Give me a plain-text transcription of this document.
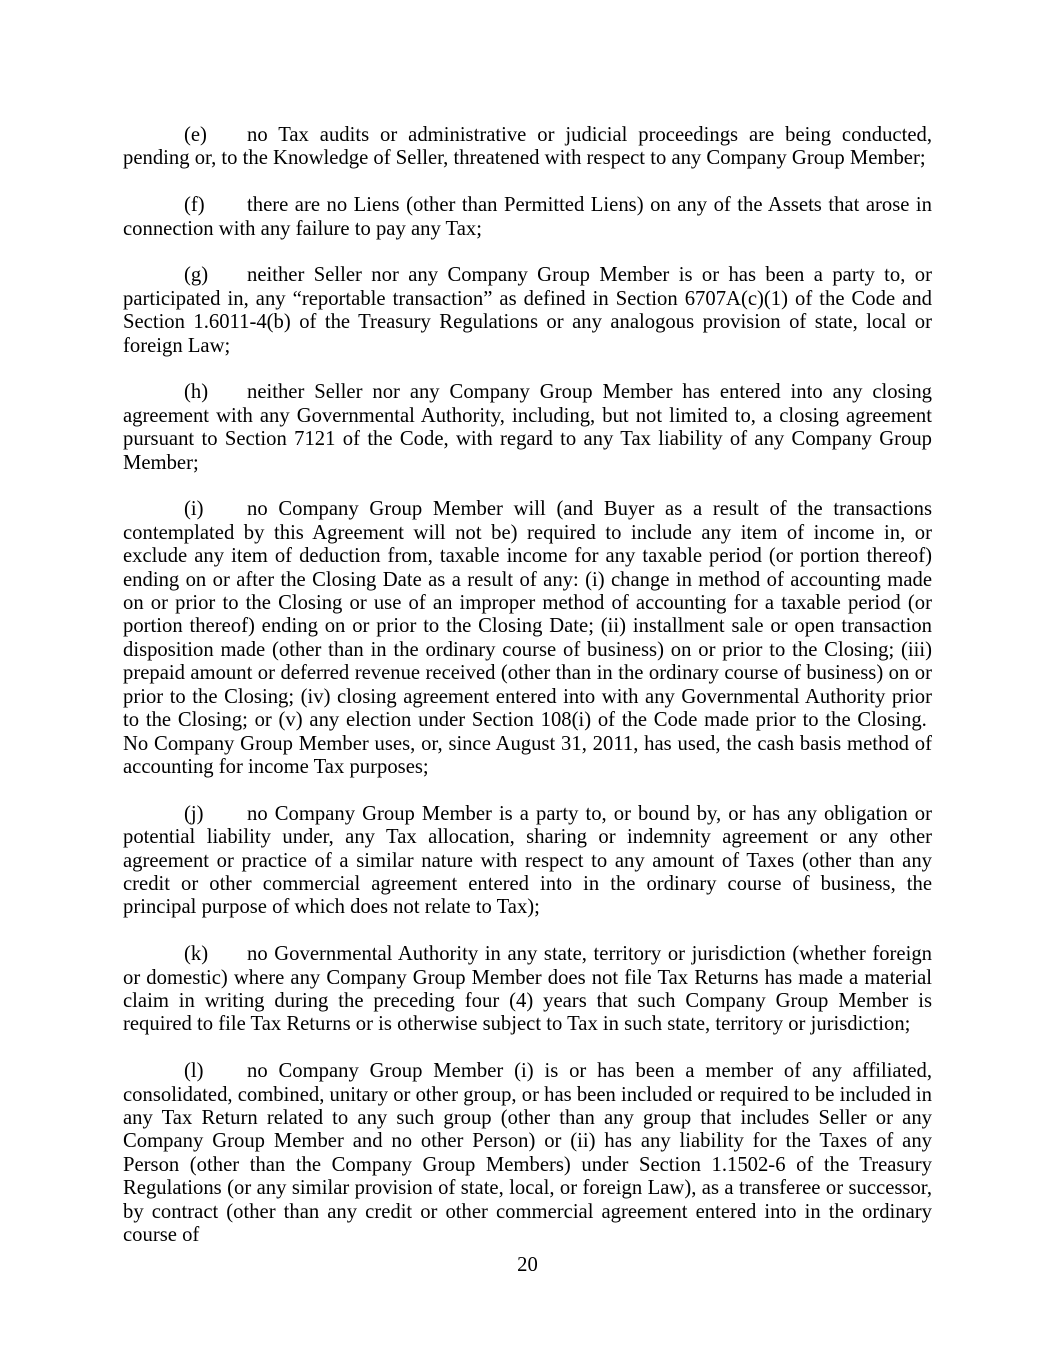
(e) no Tax audits or administrative or judicial proceedings are being conducted, pending or, to the Knowledge of Seller, threatened with respect to any Company Group Member;

(f) there are no Liens (other than Permitted Liens) on any of the Assets that arose in connection with any failure to pay any Tax;

(g) neither Seller nor any Company Group Member is or has been a party to, or participated in, any “reportable transaction” as defined in Section 6707A(c)(1) of the Code and Section 1.6011-4(b) of the Treasury Regulations or any analogous provision of state, local or foreign Law;

(h) neither Seller nor any Company Group Member has entered into any closing agreement with any Governmental Authority, including, but not limited to, a closing agreement pursuant to Section 7121 of the Code, with regard to any Tax liability of any Company Group Member;

(i) no Company Group Member will (and Buyer as a result of the transactions contemplated by this Agreement will not be) required to include any item of income in, or exclude any item of deduction from, taxable income for any taxable period (or portion thereof) ending on or after the Closing Date as a result of any: (i) change in method of accounting made on or prior to the Closing or use of an improper method of accounting for a taxable period (or portion thereof) ending on or prior to the Closing Date; (ii) installment sale or open transaction disposition made (other than in the ordinary course of business) on or prior to the Closing; (iii) prepaid amount or deferred revenue received (other than in the ordinary course of business) on or prior to the Closing; (iv) closing agreement entered into with any Governmental Authority prior to the Closing; or (v) any election under Section 108(i) of the Code made prior to the Closing.  No Company Group Member uses, or, since August 31, 2011, has used, the cash basis method of accounting for income Tax purposes;

(j) no Company Group Member is a party to, or bound by, or has any obligation or potential liability under, any Tax allocation, sharing or indemnity agreement or any other agreement or practice of a similar nature with respect to any amount of Taxes (other than any credit or other commercial agreement entered into in the ordinary course of business, the principal purpose of which does not relate to Tax);

(k) no Governmental Authority in any state, territory or jurisdiction (whether foreign or domestic) where any Company Group Member does not file Tax Returns has made a material claim in writing during the preceding four (4) years that such Company Group Member is required to file Tax Returns or is otherwise subject to Tax in such state, territory or jurisdiction;

(l) no Company Group Member (i) is or has been a member of any affiliated, consolidated, combined, unitary or other group, or has been included or required to be included in any Tax Return related to any such group (other than any group that includes Seller or any Company Group Member and no other Person) or (ii) has any liability for the Taxes of any Person (other than the Company Group Members) under Section 1.1502-6 of the Treasury Regulations (or any similar provision of state, local, or foreign Law), as a transferee or successor, by contract (other than any credit or other commercial agreement entered into in the ordinary course of

20
